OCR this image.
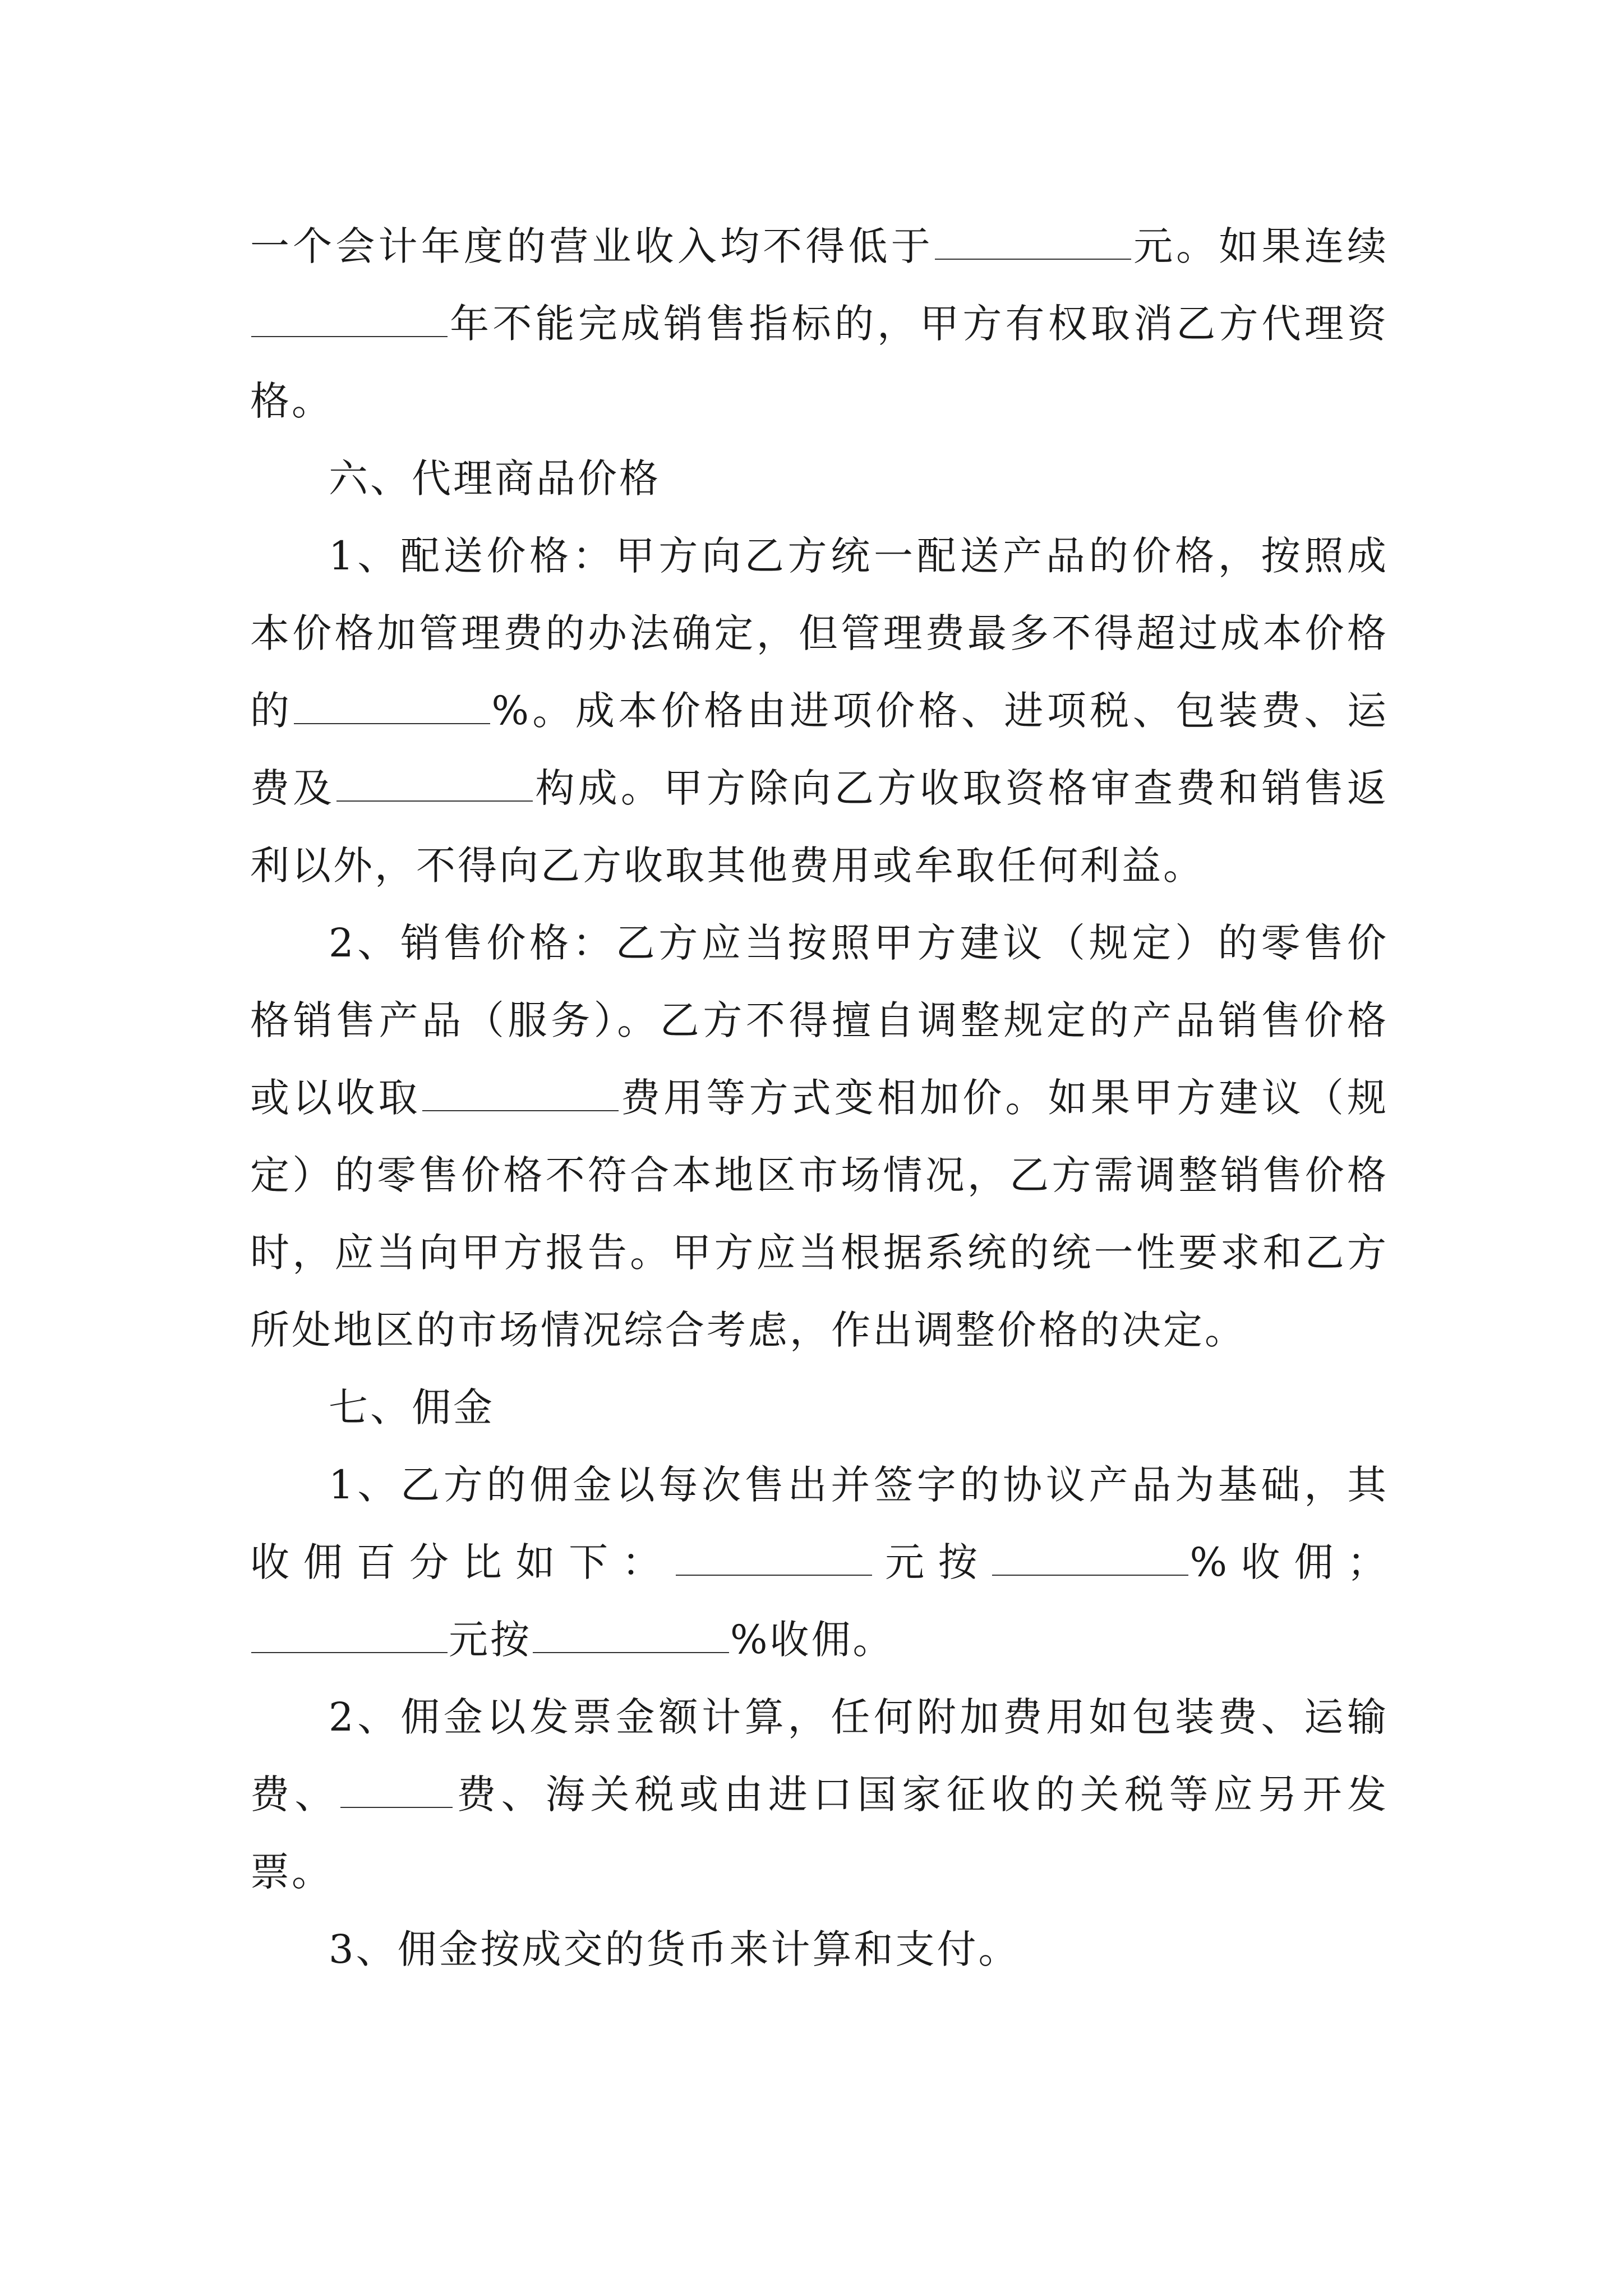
一个会计年度的营业收入均不得低于	元。如果连续年不能完成销售指标的，甲方有权取消乙方代理资格。

六、代理商品价格

1、配送价格：甲方向乙方统一配送产品的价格，按照成本价格加管理费的办法确定，但管理费最多不得超过成本价格的	%。成本价格由进项价格、进项税、包装费、运费及	构成。甲方除向乙方收取资格审查费和销售返利以外，不得向乙方收取其他费用或牟取任何利益。

2、销售价格：乙方应当按照甲方建议（规定）的零售价格销售产品（服务）。乙方不得擅自调整规定的产品销售价格或以收取	费用等方式变相加价。如果甲方建议（规定）的零售价格不符合本地区市场情况，乙方需调整销售价格时，应当向甲方报告。甲方应当根据系统的统一性要求和乙方所处地区的市场情况综合考虑，作出调整价格的决定。

七、佣金

1、乙方的佣金以每次售出并签字的协议产品为基础，其收佣百分比如下：	元按	%收佣；元按	%收佣。

2、佣金以发票金额计算，任何附加费用如包装费、运输费、	费、海关税或由进口国家征收的关税等应另开发票。

3、佣金按成交的货币来计算和支付。
